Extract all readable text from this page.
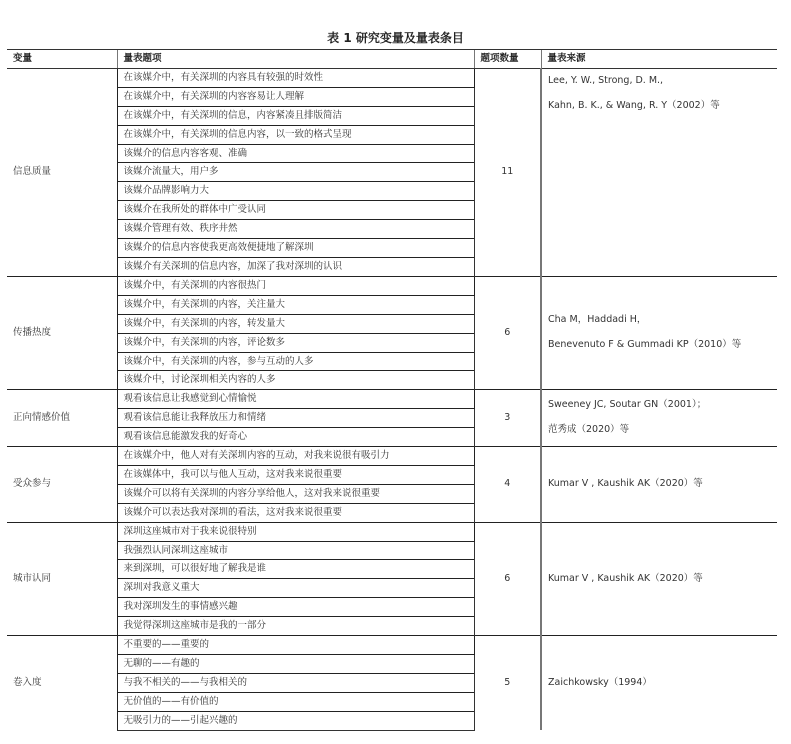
表 1 研究变量及量表条目
变量	量表题项	题项数量	量表来源
信息质量	在该媒介中，有关深圳的内容具有较强的时效性	11	Lee, Y. W., Strong, D. M.,
Kahn, B. K., & Wang, R. Y（2002）等

	在该媒介中，有关深圳的内容容易让人理解		
	在该媒介中，有关深圳的信息，内容紧凑且排版简洁		
	在该媒介中，有关深圳的信息内容，以一致的格式呈现		
	该媒介的信息内容客观、准确		
	该媒介流量大，用户多		
	该媒介品牌影响力大		
	该媒介在我所处的群体中广受认同		
	该媒介管理有效、秩序井然		
	该媒介的信息内容使我更高效便捷地了解深圳		
	该媒介有关深圳的信息内容，加深了我对深圳的认识		
传播热度	该媒介中，有关深圳的内容很热门	6	Cha M，Haddadi H，
Benevenuto F & Gummadi KP（2010）等

	该媒介中，有关深圳的内容，关注量大		
	该媒介中，有关深圳的内容，转发量大		
	该媒介中，有关深圳的内容，评论数多		
	该媒介中，有关深圳的内容，参与互动的人多		
	该媒介中，讨论深圳相关内容的人多		
正向情感价值	观看该信息让我感觉到心情愉悦	3	Sweeney JC, Soutar GN（2001）；
范秀成（2020）等

	观看该信息能让我释放压力和情绪		
	观看该信息能激发我的好奇心		
受众参与	在该媒介中，他人对有关深圳内容的互动，对我来说很有吸引力	4	Kumar V , Kaushik AK（2020）等

	在该媒体中，我可以与他人互动，这对我来说很重要		
	该媒介可以将有关深圳的内容分享给他人，这对我来说很重要		
	该媒介可以表达我对深圳的看法，这对我来说很重要		
城市认同	深圳这座城市对于我来说很特别	6	Kumar V , Kaushik AK（2020）等

	我强烈认同深圳这座城市		
	来到深圳，可以很好地了解我是谁		
	深圳对我意义重大		
	我对深圳发生的事情感兴趣		
	我觉得深圳这座城市是我的一部分		
卷入度	不重要的——重要的	5	Zaichkowsky（1994）

	无聊的——有趣的		
	与我不相关的——与我相关的		
	无价值的——有价值的		
	无吸引力的——引起兴趣的		
